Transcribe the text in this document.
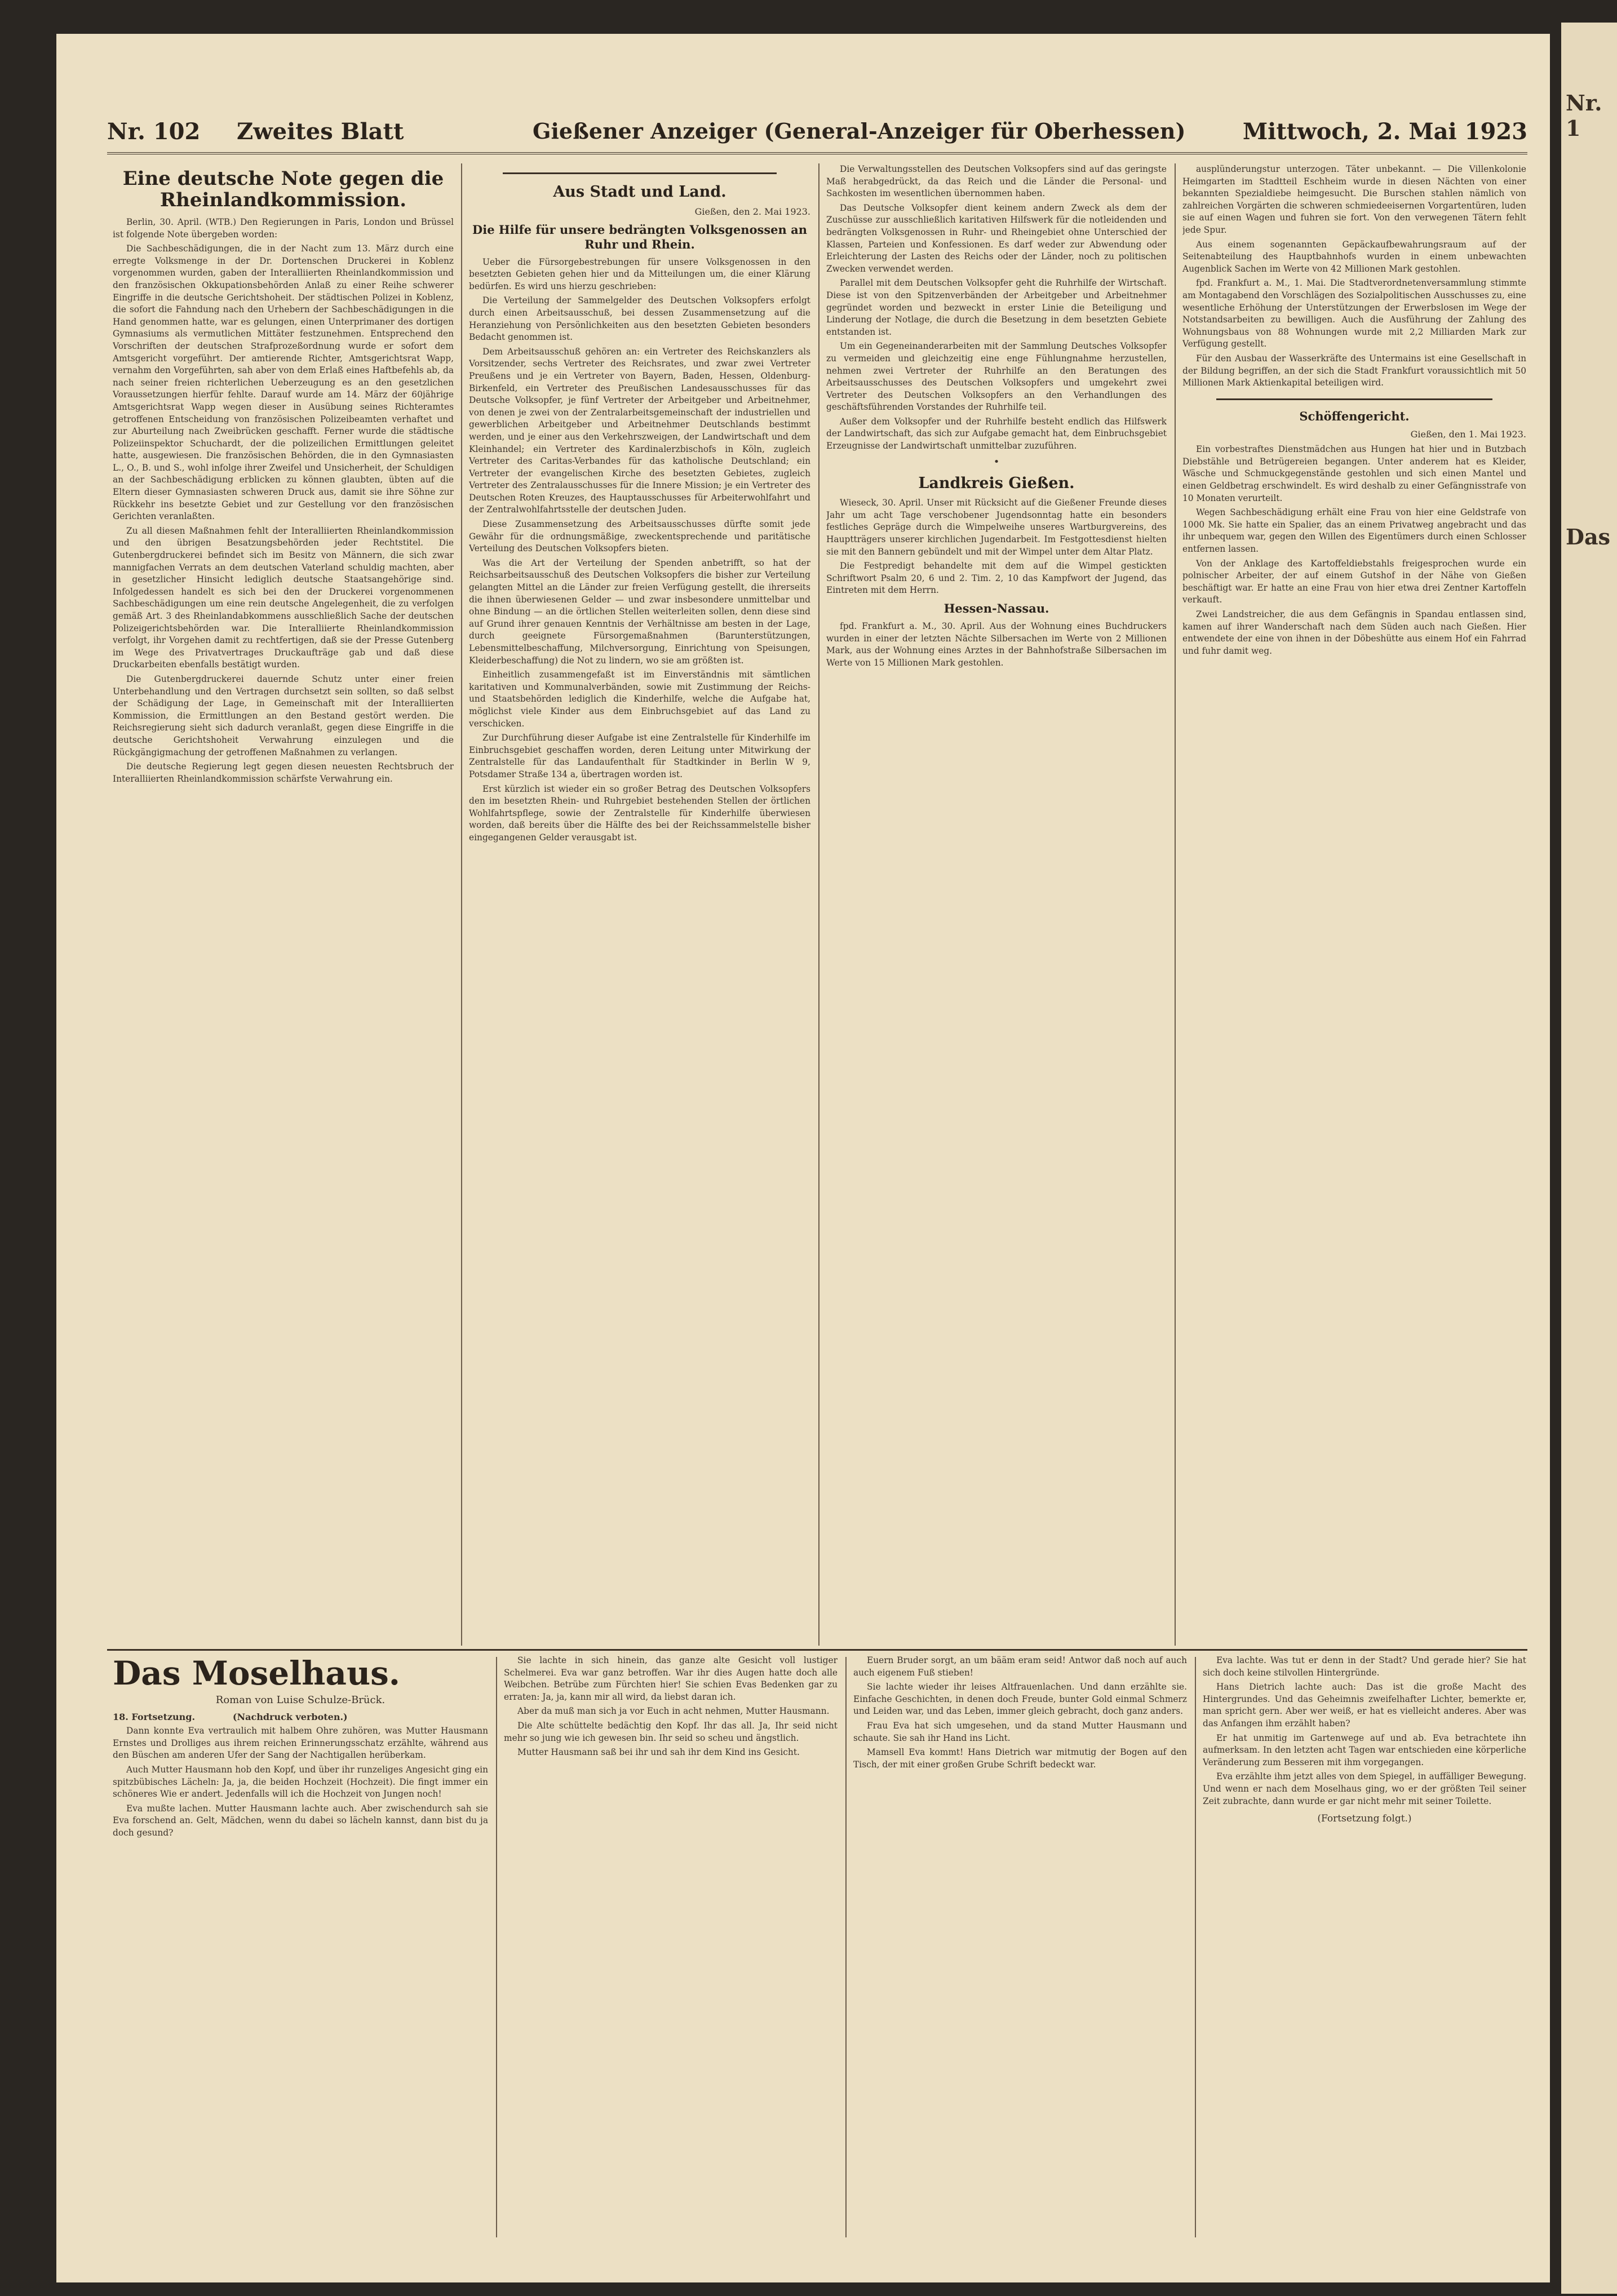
Nr. 1
Das
Nr. 102 Zweites Blatt	Gießener Anzeiger (General-Anzeiger für Oberhessen)	Mittwoch, 2. Mai 1923
Eine deutsche Note gegen die Rheinlandkommission.

Berlin, 30. April. (WTB.) Den Regierungen in Paris, London und Brüssel ist folgende Note übergeben worden:

Die Sachbeschädigungen, die in der Nacht zum 13. März durch eine erregte Volksmenge in der Dr. Dortenschen Druckerei in Koblenz vorgenommen wurden, gaben der Interalliierten Rheinlandkommission und den französischen Okkupationsbehörden Anlaß zu einer Reihe schwerer Eingriffe in die deutsche Gerichtshoheit. Der städtischen Polizei in Koblenz, die sofort die Fahndung nach den Urhebern der Sachbeschädigungen in die Hand genommen hatte, war es gelungen, einen Unterprimaner des dortigen Gymnasiums als vermutlichen Mittäter festzunehmen. Entsprechend den Vorschriften der deutschen Strafprozeßordnung wurde er sofort dem Amtsgericht vorgeführt. Der amtierende Richter, Amtsgerichtsrat Wapp, vernahm den Vorgeführten, sah aber von dem Erlaß eines Haftbefehls ab, da nach seiner freien richterlichen Ueberzeugung es an den gesetzlichen Voraussetzungen hierfür fehlte. Darauf wurde am 14. März der 60jährige Amtsgerichtsrat Wapp wegen dieser in Ausübung seines Richteramtes getroffenen Entscheidung von französischen Polizeibeamten verhaftet und zur Aburteilung nach Zweibrücken geschafft. Ferner wurde die städtische Polizeiinspektor Schuchardt, der die polizeilichen Ermittlungen geleitet hatte, ausgewiesen. Die französischen Behörden, die in den Gymnasiasten L., O., B. und S., wohl infolge ihrer Zweifel und Unsicherheit, der Schuldigen an der Sachbeschädigung erblicken zu können glaubten, übten auf die Eltern dieser Gymnasiasten schweren Druck aus, damit sie ihre Söhne zur Rückkehr ins besetzte Gebiet und zur Gestellung vor den französischen Gerichten veranlaßten.

Zu all diesen Maßnahmen fehlt der Interalliierten Rheinlandkommission und den übrigen Besatzungsbehörden jeder Rechtstitel. Die Gutenbergdruckerei befindet sich im Besitz von Männern, die sich zwar mannigfachen Verrats an dem deutschen Vaterland schuldig machten, aber in gesetzlicher Hinsicht lediglich deutsche Staatsangehörige sind. Infolgedessen handelt es sich bei den der Druckerei vorgenommenen Sachbeschädigungen um eine rein deutsche Angelegenheit, die zu verfolgen gemäß Art. 3 des Rheinlandabkommens ausschließlich Sache der deutschen Polizeigerichtsbehörden war. Die Interalliierte Rheinlandkommission verfolgt, ihr Vorgehen damit zu rechtfertigen, daß sie der Presse Gutenberg im Wege des Privatvertrages Druckaufträge gab und daß diese Druckarbeiten ebenfalls bestätigt wurden.

Die Gutenbergdruckerei dauernde Schutz unter einer freien Unterbehandlung und den Vertragen durchsetzt sein sollten, so daß selbst der Schädigung der Lage, in Gemeinschaft mit der Interalliierten Kommission, die Ermittlungen an den Bestand gestört werden. Die Reichsregierung sieht sich dadurch veranlaßt, gegen diese Eingriffe in die deutsche Gerichtshoheit Verwahrung einzulegen und die Rückgängigmachung der getroffenen Maßnahmen zu verlangen.

Die deutsche Regierung legt gegen diesen neuesten Rechtsbruch der Interalliierten Rheinlandkommission schärfste Verwahrung ein.

Aus Stadt und Land.
Gießen, den 2. Mai 1923.
Die Hilfe für unsere bedrängten Volksgenossen an Ruhr und Rhein.

Ueber die Fürsorgebestrebungen für unsere Volksgenossen in den besetzten Gebieten gehen hier und da Mitteilungen um, die einer Klärung bedürfen. Es wird uns hierzu geschrieben:

Die Verteilung der Sammelgelder des Deutschen Volksopfers erfolgt durch einen Arbeitsausschuß, bei dessen Zusammensetzung auf die Heranziehung von Persönlichkeiten aus den besetzten Gebieten besonders Bedacht genommen ist.

Dem Arbeitsausschuß gehören an: ein Vertreter des Reichskanzlers als Vorsitzender, sechs Vertreter des Reichsrates, und zwar zwei Vertreter Preußens und je ein Vertreter von Bayern, Baden, Hessen, Oldenburg-Birkenfeld, ein Vertreter des Preußischen Landesausschusses für das Deutsche Volksopfer, je fünf Vertreter der Arbeitgeber und Arbeitnehmer, von denen je zwei von der Zentralarbeitsgemeinschaft der industriellen und gewerblichen Arbeitgeber und Arbeitnehmer Deutschlands bestimmt werden, und je einer aus den Verkehrszweigen, der Landwirtschaft und dem Kleinhandel; ein Vertreter des Kardinalerzbischofs in Köln, zugleich Vertreter des Caritas-Verbandes für das katholische Deutschland; ein Vertreter der evangelischen Kirche des besetzten Gebietes, zugleich Vertreter des Zentralausschusses für die Innere Mission; je ein Vertreter des Deutschen Roten Kreuzes, des Hauptausschusses für Arbeiterwohlfahrt und der Zentralwohlfahrtsstelle der deutschen Juden.

Diese Zusammensetzung des Arbeitsausschusses dürfte somit jede Gewähr für die ordnungsmäßige, zweckentsprechende und paritätische Verteilung des Deutschen Volksopfers bieten.

Was die Art der Verteilung der Spenden anbetrifft, so hat der Reichsarbeitsausschuß des Deutschen Volksopfers die bisher zur Verteilung gelangten Mittel an die Länder zur freien Verfügung gestellt, die ihrerseits die ihnen überwiesenen Gelder — und zwar insbesondere unmittelbar und ohne Bindung — an die örtlichen Stellen weiterleiten sollen, denn diese sind auf Grund ihrer genauen Kenntnis der Verhältnisse am besten in der Lage, durch geeignete Fürsorgemaßnahmen (Barunterstützungen, Lebensmittelbeschaffung, Milchversorgung, Einrichtung von Speisungen, Kleiderbeschaffung) die Not zu lindern, wo sie am größten ist.

Einheitlich zusammengefaßt ist im Einverständnis mit sämtlichen karitativen und Kommunalverbänden, sowie mit Zustimmung der Reichs- und Staatsbehörden lediglich die Kinderhilfe, welche die Aufgabe hat, möglichst viele Kinder aus dem Einbruchsgebiet auf das Land zu verschicken.

Zur Durchführung dieser Aufgabe ist eine Zentralstelle für Kinderhilfe im Einbruchsgebiet geschaffen worden, deren Leitung unter Mitwirkung der Zentralstelle für das Landaufenthalt für Stadtkinder in Berlin W 9, Potsdamer Straße 134 a, übertragen worden ist.

Erst kürzlich ist wieder ein so großer Betrag des Deutschen Volksopfers den im besetzten Rhein- und Ruhrgebiet bestehenden Stellen der örtlichen Wohlfahrtspflege, sowie der Zentralstelle für Kinderhilfe überwiesen worden, daß bereits über die Hälfte des bei der Reichssammelstelle bisher eingegangenen Gelder verausgabt ist.

Die Verwaltungsstellen des Deutschen Volksopfers sind auf das geringste Maß herabgedrückt, da das Reich und die Länder die Personal- und Sachkosten im wesentlichen übernommen haben.

Das Deutsche Volksopfer dient keinem andern Zweck als dem der Zuschüsse zur ausschließlich karitativen Hilfswerk für die notleidenden und bedrängten Volksgenossen in Ruhr- und Rheingebiet ohne Unterschied der Klassen, Parteien und Konfessionen. Es darf weder zur Abwendung oder Erleichterung der Lasten des Reichs oder der Länder, noch zu politischen Zwecken verwendet werden.

Parallel mit dem Deutschen Volksopfer geht die Ruhrhilfe der Wirtschaft. Diese ist von den Spitzenverbänden der Arbeitgeber und Arbeitnehmer gegründet worden und bezweckt in erster Linie die Beteiligung und Linderung der Notlage, die durch die Besetzung in dem besetzten Gebiete entstanden ist.

Um ein Gegeneinanderarbeiten mit der Sammlung Deutsches Volksopfer zu vermeiden und gleichzeitig eine enge Fühlungnahme herzustellen, nehmen zwei Vertreter der Ruhrhilfe an den Beratungen des Arbeitsausschusses des Deutschen Volksopfers und umgekehrt zwei Vertreter des Deutschen Volksopfers an den Verhandlungen des geschäftsführenden Vorstandes der Ruhrhilfe teil.

Außer dem Volksopfer und der Ruhrhilfe besteht endlich das Hilfswerk der Landwirtschaft, das sich zur Aufgabe gemacht hat, dem Einbruchsgebiet Erzeugnisse der Landwirtschaft unmittelbar zuzuführen.

•
Landkreis Gießen.

Wieseck, 30. April. Unser mit Rücksicht auf die Gießener Freunde dieses Jahr um acht Tage verschobener Jugendsonntag hatte ein besonders festliches Gepräge durch die Wimpelweihe unseres Wartburgvereins, des Hauptträgers unserer kirchlichen Jugendarbeit. Im Festgottesdienst hielten sie mit den Bannern gebündelt und mit der Wimpel unter dem Altar Platz.

Die Festpredigt behandelte mit dem auf die Wimpel gestickten Schriftwort Psalm 20, 6 und 2. Tim. 2, 10 das Kampfwort der Jugend, das Eintreten mit dem Herrn.

Hessen-Nassau.

fpd. Frankfurt a. M., 30. April. Aus der Wohnung eines Buchdruckers wurden in einer der letzten Nächte Silbersachen im Werte von 2 Millionen Mark, aus der Wohnung eines Arztes in der Bahnhofstraße Silbersachen im Werte von 15 Millionen Mark gestohlen.

ausplünderungstur unterzogen. Täter unbekannt. — Die Villenkolonie Heimgarten im Stadtteil Eschheim wurde in diesen Nächten von einer bekannten Spezialdiebe heimgesucht. Die Burschen stahlen nämlich von zahlreichen Vorgärten die schweren schmiedeeisernen Vorgartentüren, luden sie auf einen Wagen und fuhren sie fort. Von den verwegenen Tätern fehlt jede Spur.

Aus einem sogenannten Gepäckaufbewahrungsraum auf der Seitenabteilung des Hauptbahnhofs wurden in einem unbewachten Augenblick Sachen im Werte von 42 Millionen Mark gestohlen.

fpd. Frankfurt a. M., 1. Mai. Die Stadtverordnetenversammlung stimmte am Montagabend den Vorschlägen des Sozialpolitischen Ausschusses zu, eine wesentliche Erhöhung der Unterstützungen der Erwerbslosen im Wege der Notstandsarbeiten zu bewilligen. Auch die Ausführung der Zahlung des Wohnungsbaus von 88 Wohnungen wurde mit 2,2 Milliarden Mark zur Verfügung gestellt.

Für den Ausbau der Wasserkräfte des Untermains ist eine Gesellschaft in der Bildung begriffen, an der sich die Stadt Frankfurt voraussichtlich mit 50 Millionen Mark Aktienkapital beteiligen wird.

Schöffengericht.
Gießen, den 1. Mai 1923.

Ein vorbestraftes Dienstmädchen aus Hungen hat hier und in Butzbach Diebstähle und Betrügereien begangen. Unter anderem hat es Kleider, Wäsche und Schmuckgegenstände gestohlen und sich einen Mantel und einen Geldbetrag erschwindelt. Es wird deshalb zu einer Gefängnisstrafe von 10 Monaten verurteilt.

Wegen Sachbeschädigung erhält eine Frau von hier eine Geldstrafe von 1000 Mk. Sie hatte ein Spalier, das an einem Privatweg angebracht und das ihr unbequem war, gegen den Willen des Eigentümers durch einen Schlosser entfernen lassen.

Von der Anklage des Kartoffeldiebstahls freigesprochen wurde ein polnischer Arbeiter, der auf einem Gutshof in der Nähe von Gießen beschäftigt war. Er hatte an eine Frau von hier etwa drei Zentner Kartoffeln verkauft.

Zwei Landstreicher, die aus dem Gefängnis in Spandau entlassen sind, kamen auf ihrer Wanderschaft nach dem Süden auch nach Gießen. Hier entwendete der eine von ihnen in der Döbeshütte aus einem Hof ein Fahrrad und fuhr damit weg.

Das Moselhaus.
Roman von Luise Schulze-Brück.
18. Fortsetzung.	(Nachdruck verboten.)

Dann konnte Eva vertraulich mit halbem Ohre zuhören, was Mutter Hausmann Ernstes und Drolliges aus ihrem reichen Erinnerungsschatz erzählte, während aus den Büschen am anderen Ufer der Sang der Nachtigallen herüberkam.

Auch Mutter Hausmann hob den Kopf, und über ihr runzeliges Angesicht ging ein spitzbübisches Lächeln: Ja, ja, die beiden Hochzeit (Hochzeit). Die fingt immer ein schöneres Wie er andert. Jedenfalls will ich die Hochzeit von Jungen noch!

Eva mußte lachen. Mutter Hausmann lachte auch. Aber zwischendurch sah sie Eva forschend an. Gelt, Mädchen, wenn du dabei so lächeln kannst, dann bist du ja doch gesund?

Sie lachte in sich hinein, das ganze alte Gesicht voll lustiger Schelmerei. Eva war ganz betroffen. War ihr dies Augen hatte doch alle Weibchen. Betrübe zum Fürchten hier! Sie schien Evas Bedenken gar zu erraten: Ja, ja, kann mir all wird, da liebst daran ich.

Aber da muß man sich ja vor Euch in acht nehmen, Mutter Hausmann.

Die Alte schüttelte bedächtig den Kopf. Ihr das all. Ja, Ihr seid nicht mehr so jung wie ich gewesen bin. Ihr seid so scheu und ängstlich.

Mutter Hausmann saß bei ihr und sah ihr dem Kind ins Gesicht.

Euern Bruder sorgt, an um bääm eram seid! Antwor daß noch auf auch auch eigenem Fuß stieben!

Sie lachte wieder ihr leises Altfrauenlachen. Und dann erzählte sie. Einfache Geschichten, in denen doch Freude, bunter Gold einmal Schmerz und Leiden war, und das Leben, immer gleich gebracht, doch ganz anders.

Frau Eva hat sich umgesehen, und da stand Mutter Hausmann und schaute. Sie sah ihr Hand ins Licht.

Mamsell Eva kommt! Hans Dietrich war mitmutig der Bogen auf den Tisch, der mit einer großen Grube Schrift bedeckt war.

Eva lachte. Was tut er denn in der Stadt? Und gerade hier? Sie hat sich doch keine stilvollen Hintergründe.

Hans Dietrich lachte auch: Das ist die große Macht des Hintergrundes. Und das Geheimnis zweifelhafter Lichter, bemerkte er, man spricht gern. Aber wer weiß, er hat es vielleicht anderes. Aber was das Anfangen ihm erzählt haben?

Er hat unmitig im Gartenwege auf und ab. Eva betrachtete ihn aufmerksam. In den letzten acht Tagen war entschieden eine körperliche Veränderung zum Besseren mit ihm vorgegangen.

Eva erzählte ihm jetzt alles von dem Spiegel, in auffälliger Bewegung. Und wenn er nach dem Moselhaus ging, wo er der größten Teil seiner Zeit zubrachte, dann wurde er gar nicht mehr mit seiner Toilette.

(Fortsetzung folgt.)
